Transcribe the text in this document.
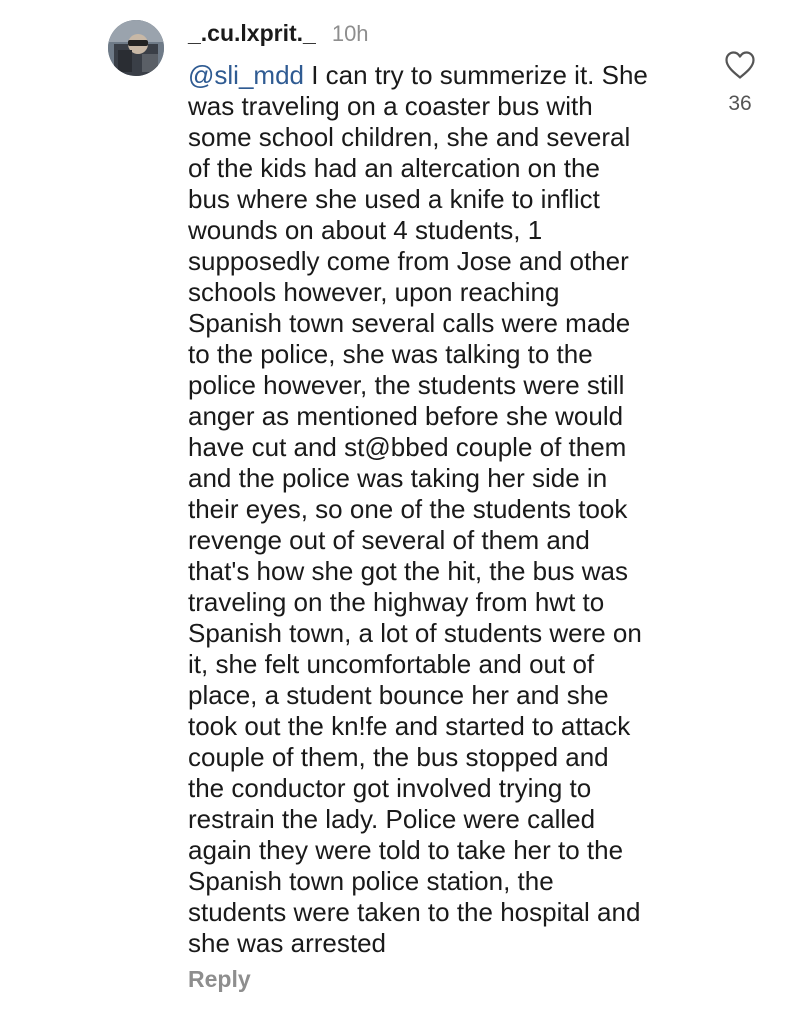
_.cu.lxprit._ 10h
@sli_mdd I can try to summerize it. She
was traveling on a coaster bus with
some school children, she and several
of the kids had an altercation on the
bus where she used a knife to inflict
wounds on about 4 students, 1
supposedly come from Jose and other
schools however, upon reaching
Spanish town several calls were made
to the police, she was talking to the
police however, the students were still
anger as mentioned before she would
have cut and st@bbed couple of them
and the police was taking her side in
their eyes, so one of the students took
revenge out of several of them and
that's how she got the hit, the bus was
traveling on the highway from hwt to
Spanish town, a lot of students were on
it, she felt uncomfortable and out of
place, a student bounce her and she
took out the kn!fe and started to attack
couple of them, the bus stopped and
the conductor got involved trying to
restrain the lady. Police were called
again they were told to take her to the
Spanish town police station, the
students were taken to the hospital and
she was arrested
36
Reply
